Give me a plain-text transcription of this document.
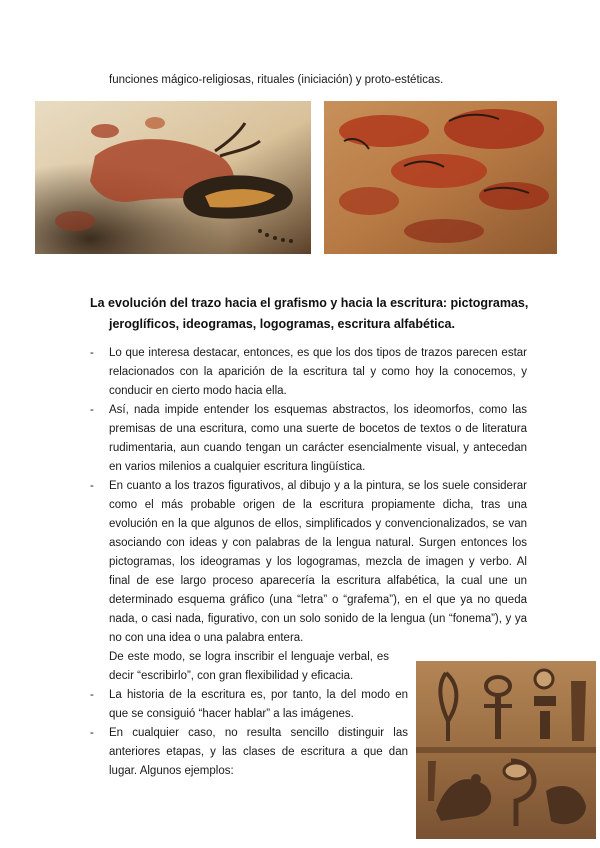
funciones mágico-religiosas, rituales (iniciación) y proto-estéticas.
La evolución del trazo hacia el grafismo y hacia la escritura: pictogramas,
jeroglíficos, ideogramas, logogramas, escritura alfabética.
- Lo que interesa destacar, entonces, es que los dos tipos de trazos parecen estar relacionados con la aparición de la escritura tal y como hoy la conocemos, y conducir en cierto modo hacia ella.

- Así, nada impide entender los esquemas abstractos, los ideomorfos, como las premisas de una escritura, como una suerte de bocetos de textos o de literatura rudimentaria, aun cuando tengan un carácter esencialmente visual, y antecedan en varios milenios a cualquier escritura lingüística.

- En cuanto a los trazos figurativos, al dibujo y a la pintura, se los suele considerar como el más probable origen de la escritura propiamente dicha, tras una evolución en la que algunos de ellos, simplificados y convencionalizados, se van asociando con ideas y con palabras de la lengua natural. Surgen entonces los pictogramas, los ideogramas y los logogramas, mezcla de imagen y verbo. Al final de ese largo proceso aparecería la escritura alfabética, la cual une un determinado esquema gráfico (una “letra” o “grafema”), en el que ya no queda nada, o casi nada, figurativo, con un solo sonido de la lengua (un “fonema”), y ya no con una idea o una palabra entera.

De este modo, se logra inscribir el lenguaje verbal, es decir “escribirlo”, con gran flexibilidad y eficacia.

- La historia de la escritura es, por tanto, la del modo en que se consiguió “hacer hablar” a las imágenes.

- En cualquier caso, no resulta sencillo distinguir las anteriores etapas, y las clases de escritura a que dan lugar. Algunos ejemplos:
